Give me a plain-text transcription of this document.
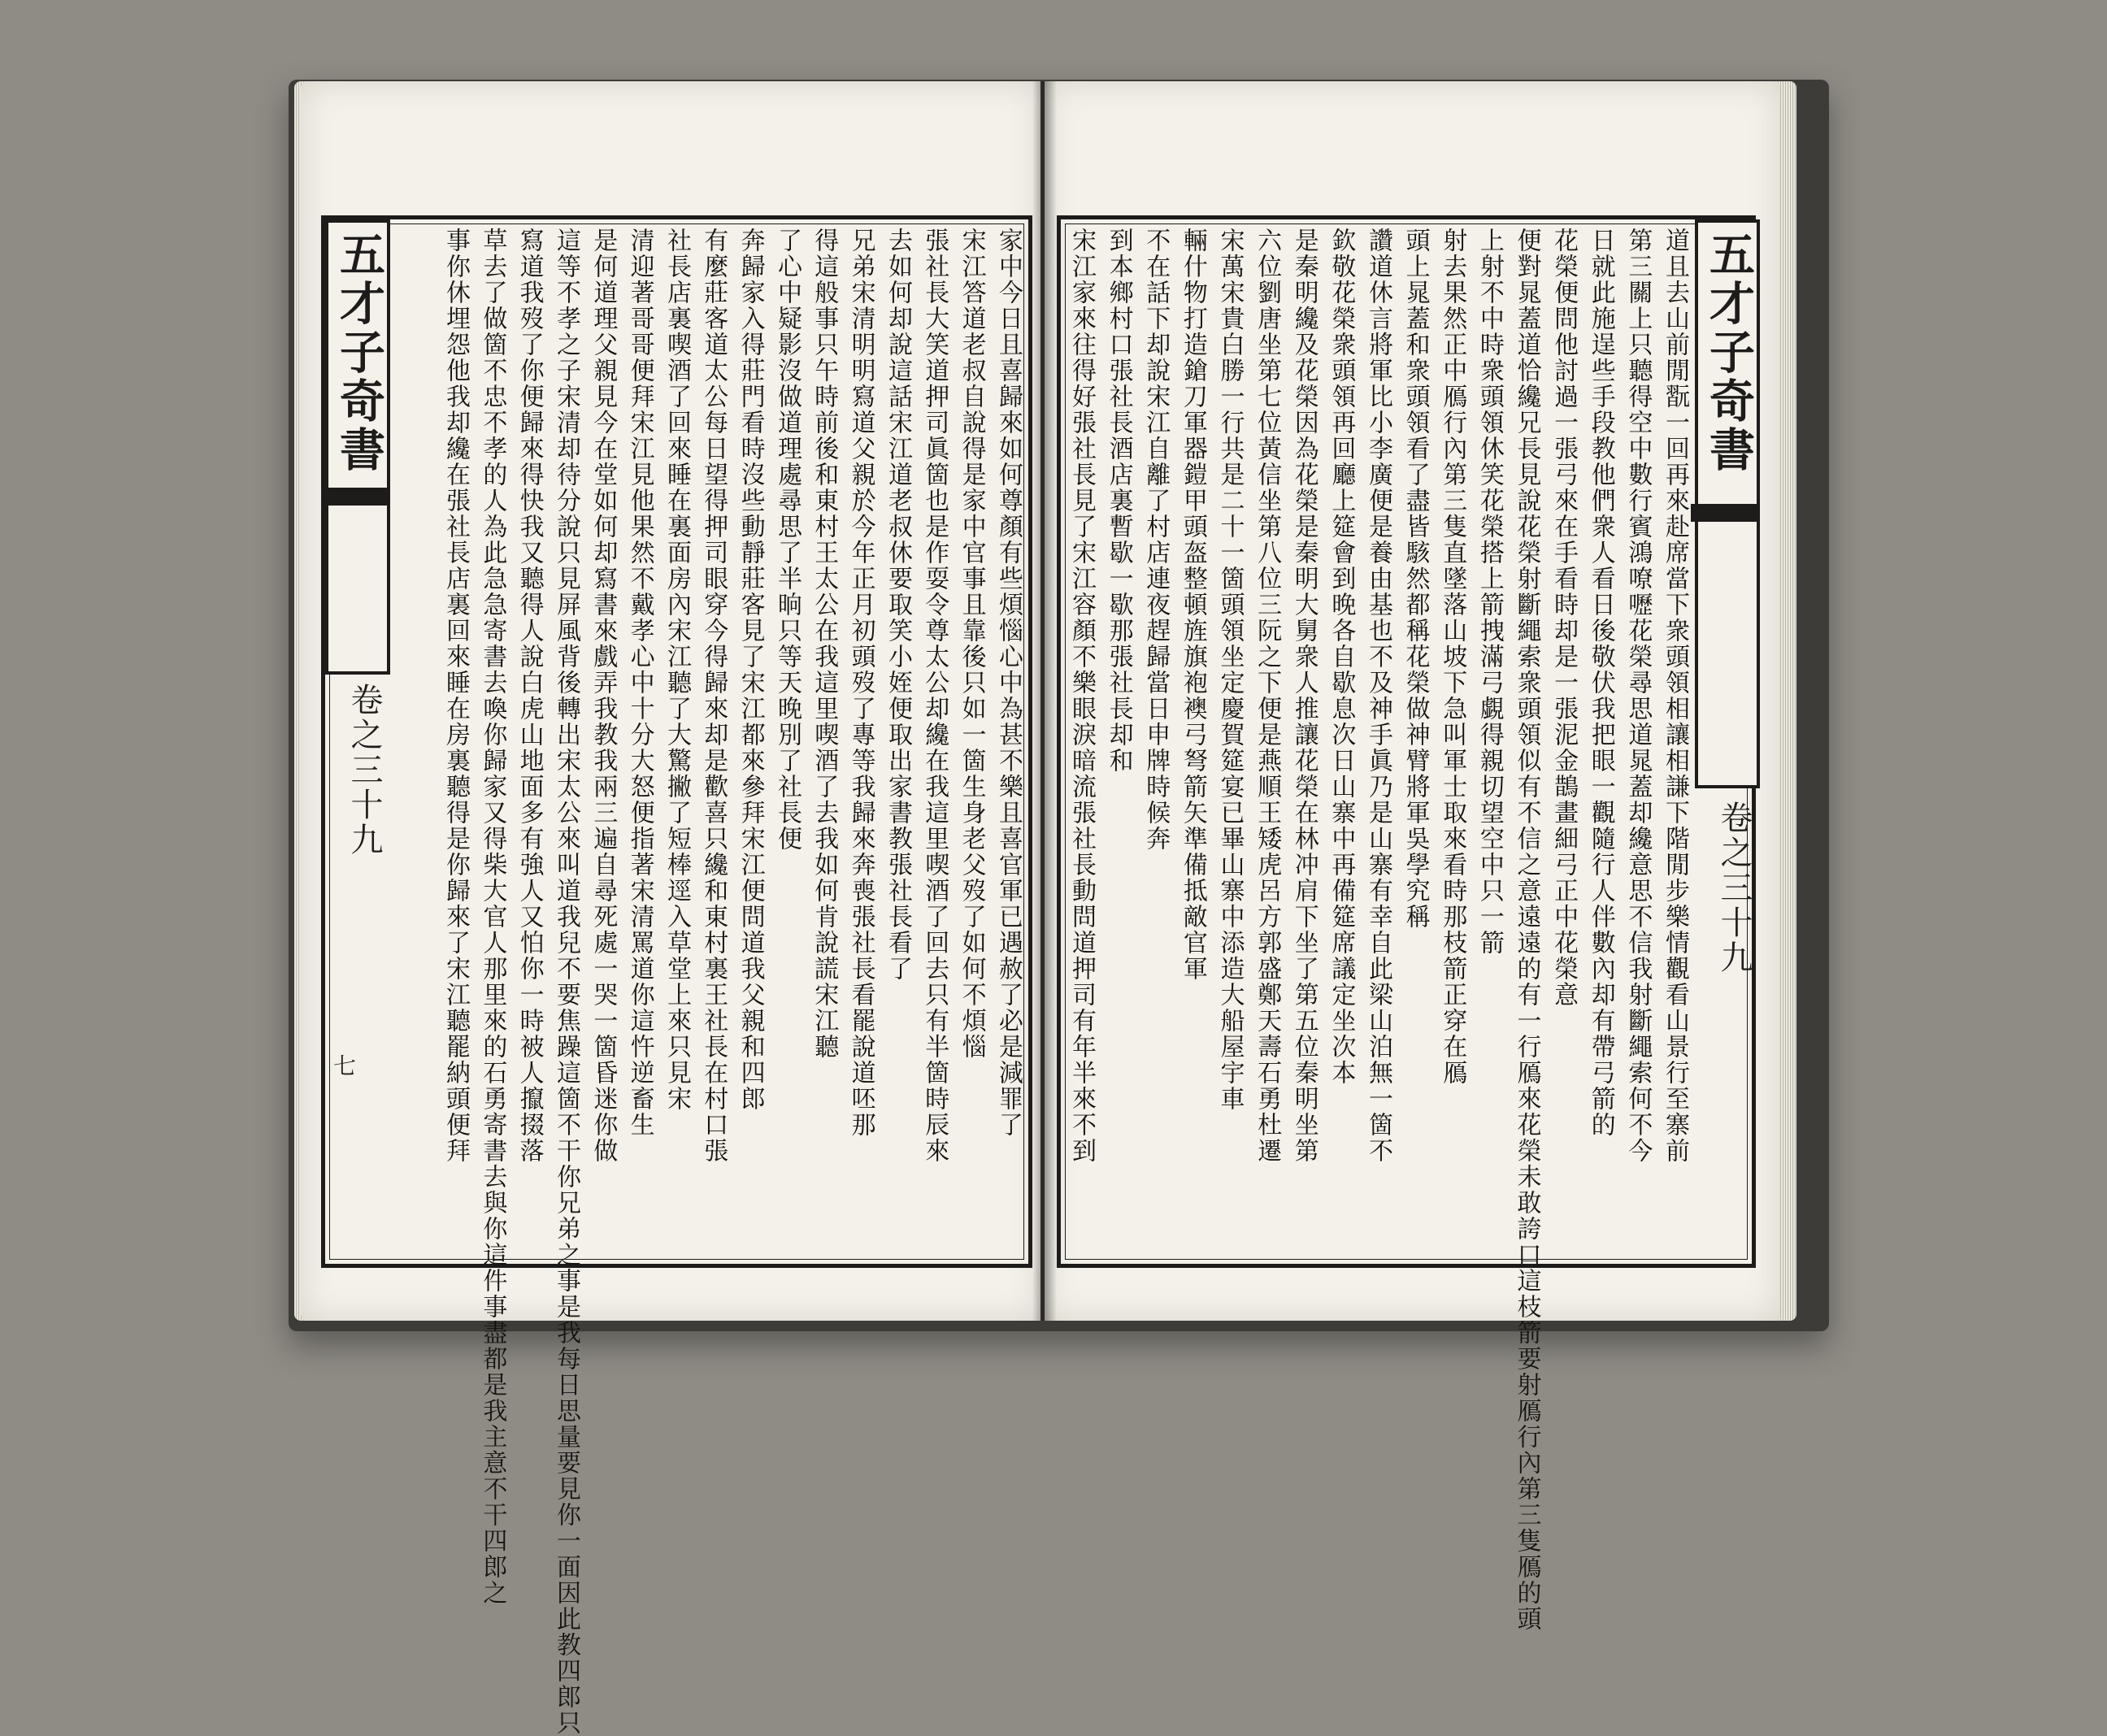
五才子奇書
卷之三十九
七
五才子奇書
卷之三十九
家中今日且喜歸來如何尊顏有些煩惱心中為甚不樂且喜官軍已遇赦了必是減罪了
宋江答道老叔自說得是家中官事且靠後只如一箇生身老父歿了如何不煩惱
張社長大笑道押司眞箇也是作耍令尊太公却纔在我這里喫酒了回去只有半箇時辰來
去如何却說這話宋江道老叔休要取笑小姪便取出家書教張社長看了
兄弟宋清明明寫道父親於今年正月初頭歿了專等我歸來奔喪張社長看罷說道呸那
得這般事只午時前後和東村王太公在我這里喫酒了去我如何肯說謊宋江聽
了心中疑影沒做道理處尋思了半晌只等天晚別了社長便
奔歸家入得莊門看時沒些動靜莊客見了宋江都來參拜宋江便問道我父親和四郎
有麼莊客道太公每日望得押司眼穿今得歸來却是歡喜只纔和東村裏王社長在村口張
社長店裏喫酒了回來睡在裏面房內宋江聽了大驚撇了短棒逕入草堂上來只見宋
清迎著哥哥便拜宋江見他果然不戴孝心中十分大怒便指著宋清罵道你這忤逆畜生
是何道理父親見今在堂如何却寫書來戲弄我教我兩三遍自尋死處一哭一箇昏迷你做
這等不孝之子宋清却待分說只見屏風背後轉出宋太公來叫道我兒不要焦躁這箇不干你兄弟之事是我每日思量要見你一面因此教四郎只
寫道我歿了你便歸來得快我又聽得人說白虎山地面多有強人又怕你一時被人攛掇落
草去了做箇不忠不孝的人為此急急寄書去喚你歸家又得柴大官人那里來的石勇寄書去與你這件事盡都是我主意不干四郎之
事你休埋怨他我却纔在張社長店裏回來睡在房裏聽得是你歸來了宋江聽罷納頭便拜	道且去山前閒翫一回再來赴席當下衆頭領相讓相謙下階閒步樂情觀看山景行至寨前
第三關上只聽得空中數行賓鴻嘹嚦花榮尋思道晁蓋却纔意思不信我射斷繩索何不今
日就此施逞些手段教他們衆人看日後敬伏我把眼一觀隨行人伴數內却有帶弓箭的
花榮便問他討過一張弓來在手看時却是一張泥金鵲畫細弓正中花榮意
便對晁蓋道恰纔兄長見說花榮射斷繩索衆頭領似有不信之意遠遠的有一行鴈來花榮未敢誇口這枝箭要射鴈行內第三隻鴈的頭
上射不中時衆頭領休笑花榮搭上箭拽滿弓覷得親切望空中只一箭
射去果然正中鴈行內第三隻直墜落山坡下急叫軍士取來看時那枝箭正穿在鴈
頭上晁蓋和衆頭領看了盡皆駭然都稱花榮做神臂將軍吳學究稱
讚道休言將軍比小李廣便是養由基也不及神手眞乃是山寨有幸自此梁山泊無一箇不
欽敬花榮衆頭領再回廳上筵會到晚各自歇息次日山寨中再備筵席議定坐次本
是秦明纔及花榮因為花榮是秦明大舅衆人推讓花榮在林冲肩下坐了第五位秦明坐第
六位劉唐坐第七位黃信坐第八位三阮之下便是燕順王矮虎呂方郭盛鄭天壽石勇杜遷
宋萬宋貴白勝一行共是二十一箇頭領坐定慶賀筵宴已畢山寨中添造大船屋宇車
輛什物打造鎗刀軍器鎧甲頭盔整頓旌旗袍襖弓弩箭矢準備抵敵官軍
不在話下却說宋江自離了村店連夜趕歸當日申牌時候奔
到本鄉村口張社長酒店裏暫歇一歇那張社長却和
宋江家來往得好張社長見了宋江容顏不樂眼淚暗流張社長動問道押司有年半來不到
